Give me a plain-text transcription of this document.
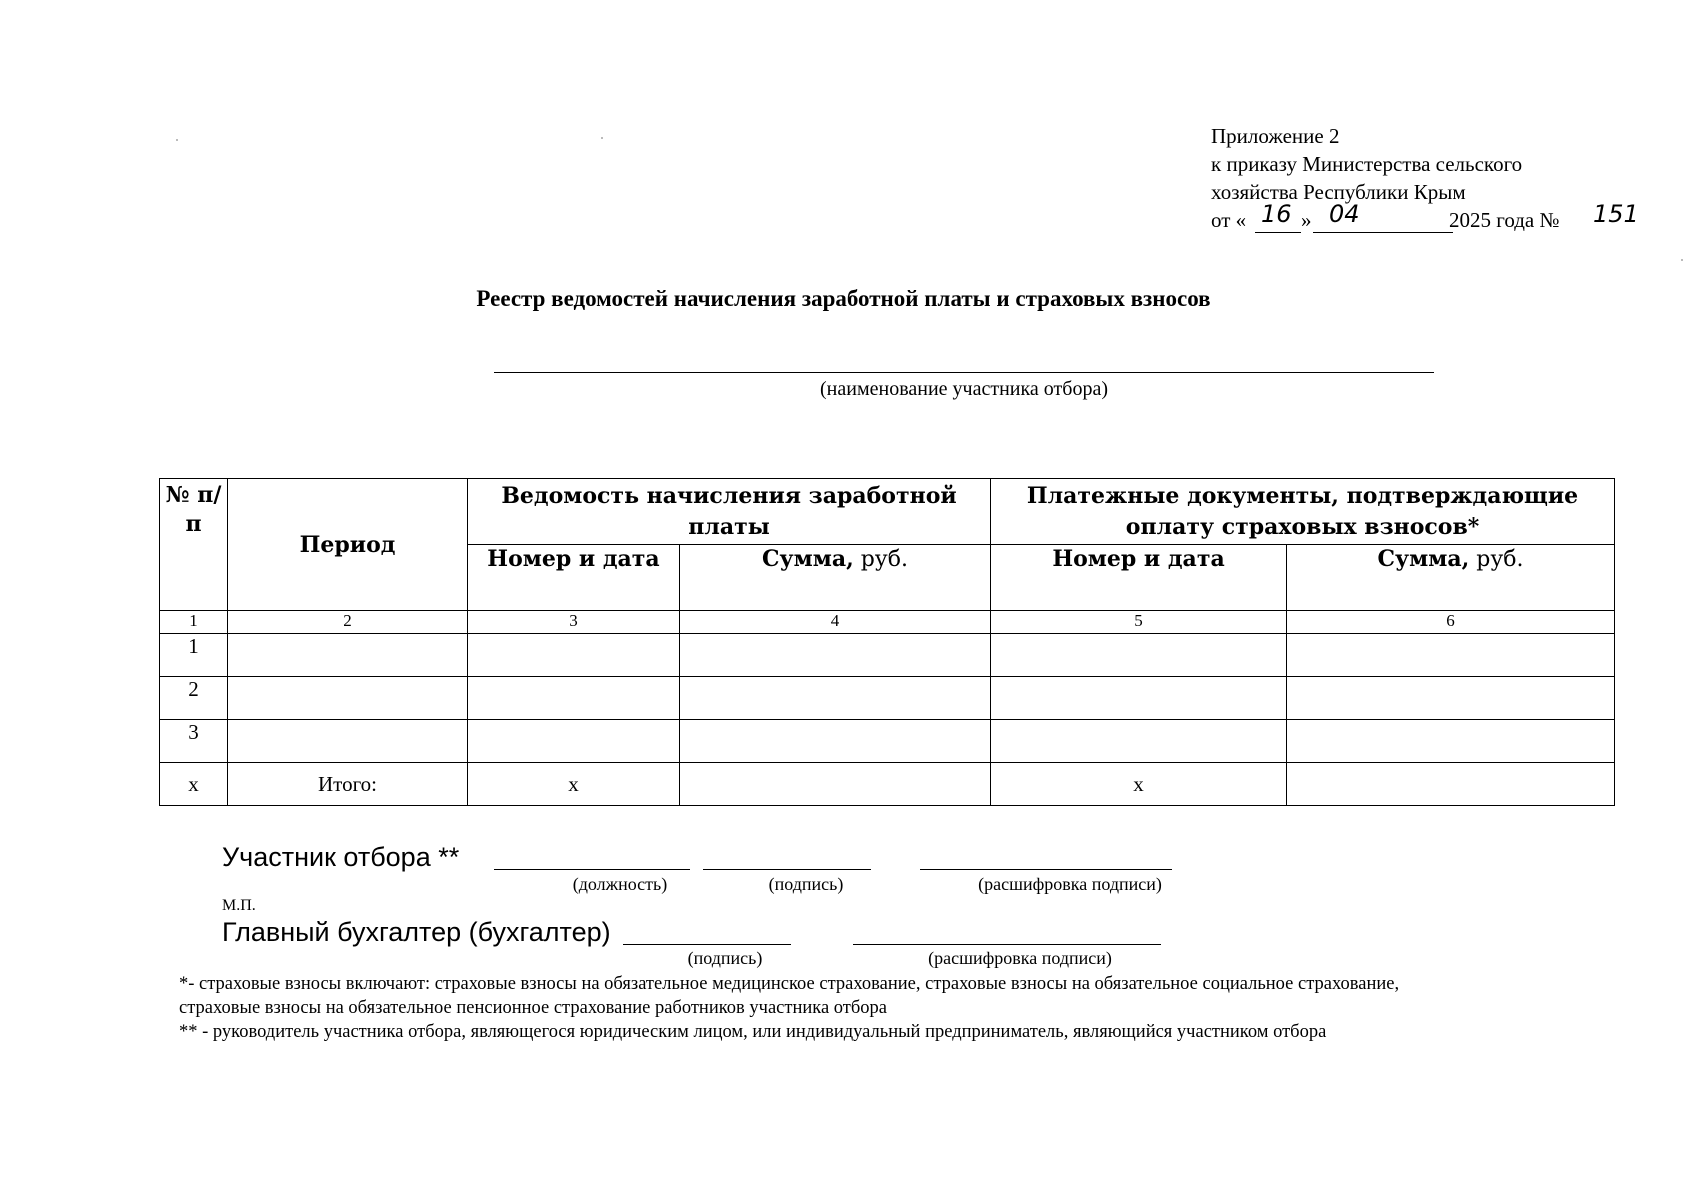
Приложение 2
к приказу Министерства сельского
хозяйства Республики Крым
от « 16 » 04	2025 года № 151
Реестр ведомостей начисления заработной платы и страховых взносов
(наименование участника отбора)
№ п/п	Период	Ведомость начисления заработной платы		Платежные документы, подтверждающие оплату страховых взносов*	
		Номер и дата	Сумма, руб.	Номер и дата	Сумма, руб.
1	2	3	4	5	6
1					
2					
3					
х	Итого:	х		х	
Участник отбора **
(должность)	(подпись)	(расшифровка подписи)
М.П.
Главный бухгалтер (бухгалтер)
(подпись)	(расшифровка подписи)
*- страховые взносы включают: страховые взносы на обязательное медицинское страхование, страховые взносы на обязательное социальное страхование,
страховые взносы на обязательное пенсионное страхование работников участника отбора
** - руководитель участника отбора, являющегося юридическим лицом, или индивидуальный предприниматель, являющийся участником отбора
